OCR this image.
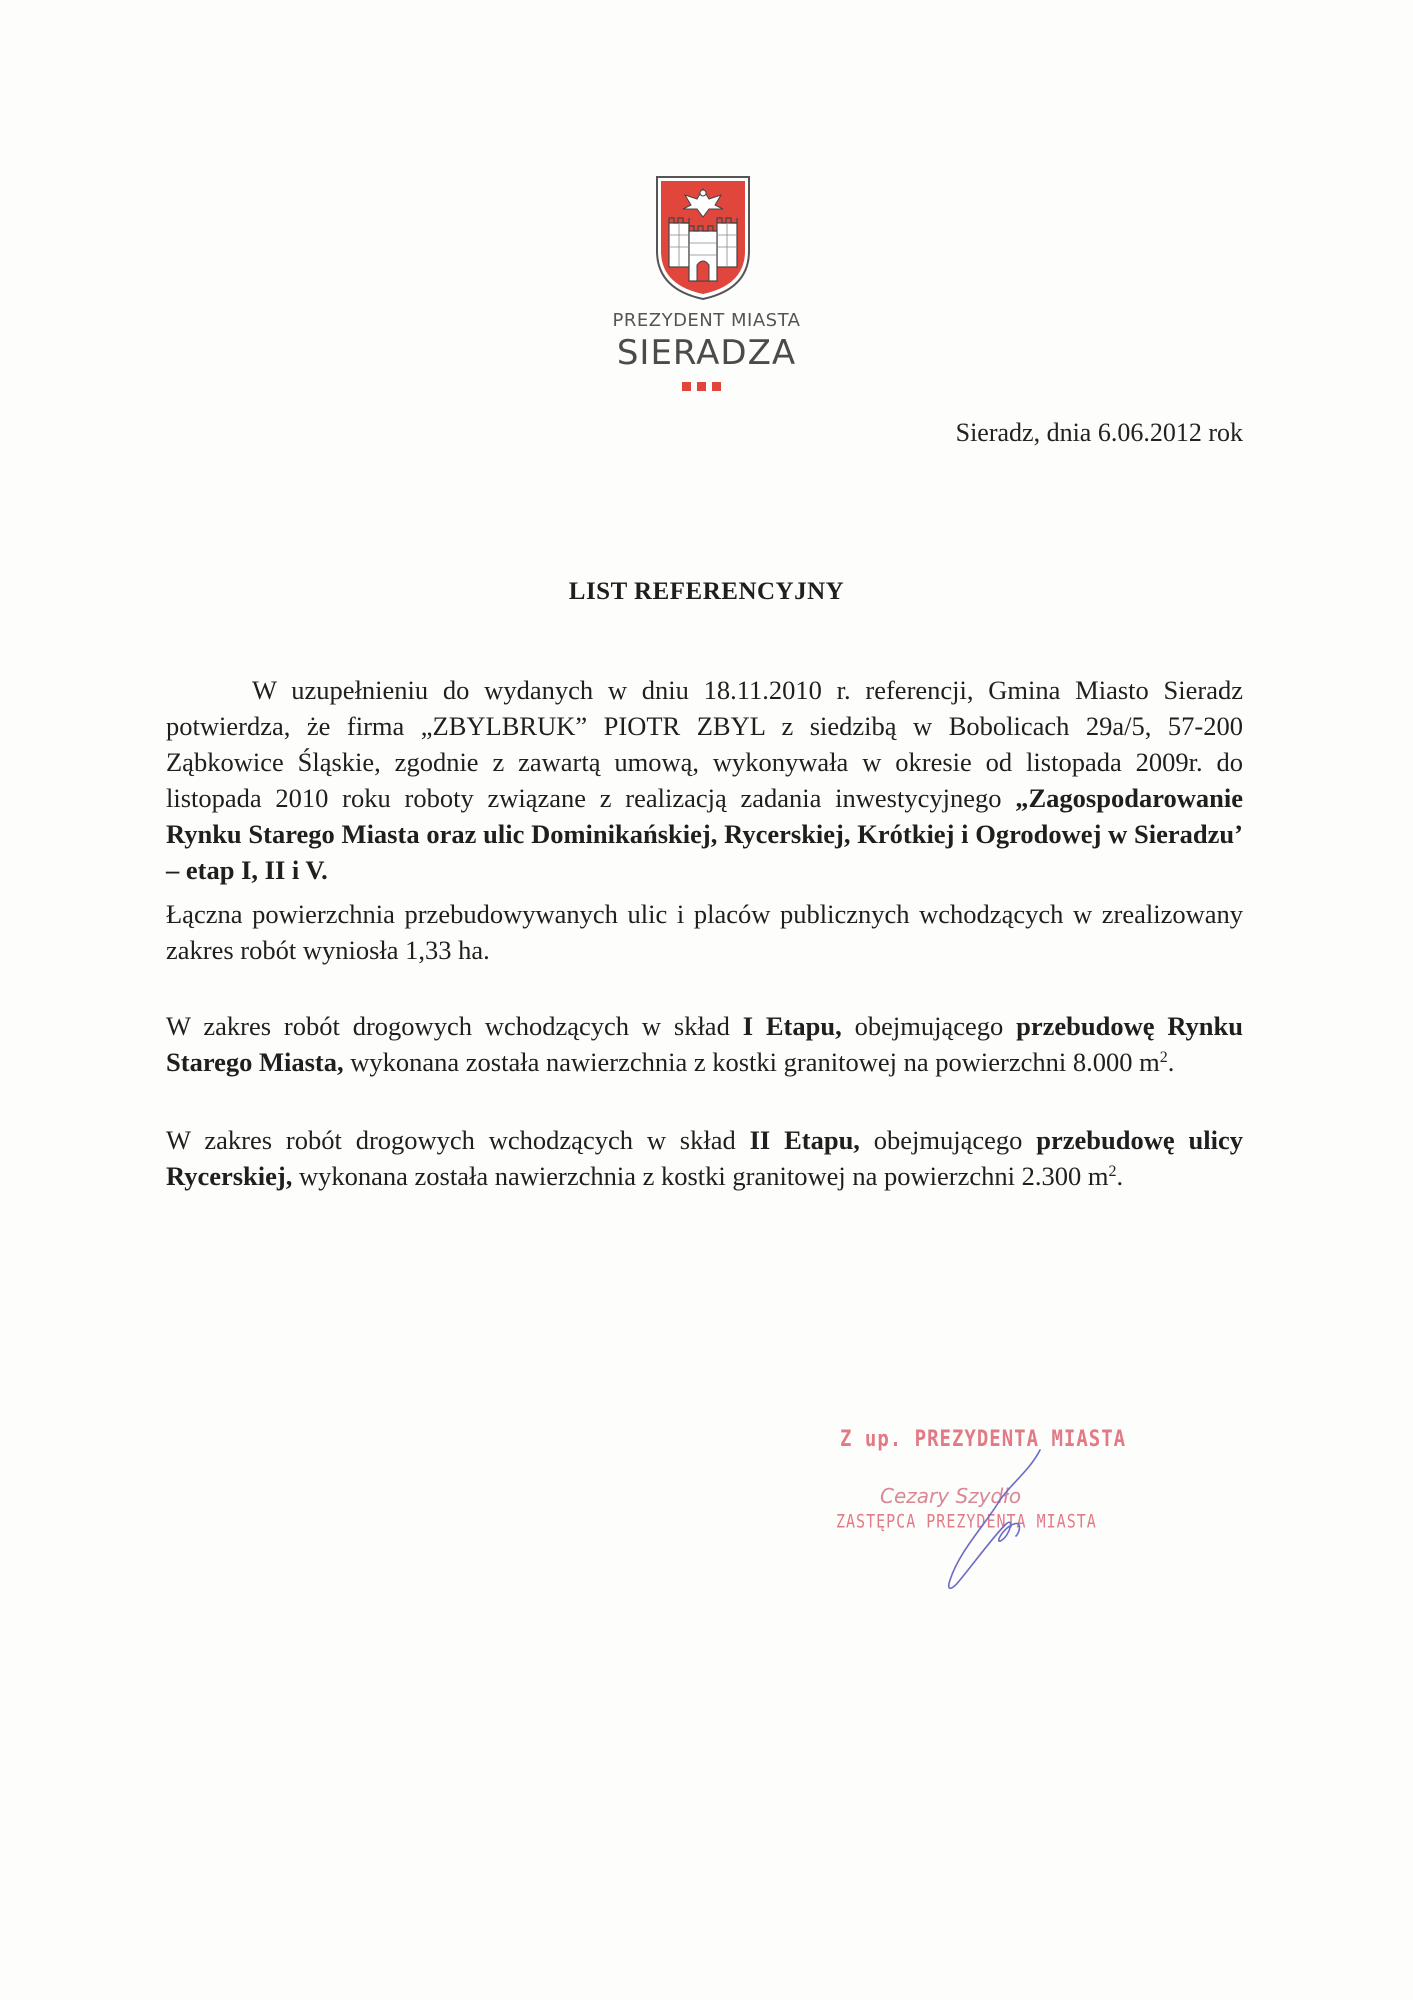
PREZYDENT MIASTA
SIERADZA
Sieradz, dnia 6.06.2012 rok
LIST REFERENCYJNY

W uzupełnieniu do wydanych w dniu 18.11.2010 r. referencji, Gmina Miasto Sieradz potwierdza, że firma „ZBYLBRUK” PIOTR ZBYL z siedzibą w Bobolicach 29a/5, 57-200 Ząbkowice Śląskie, zgodnie z zawartą umową, wykonywała w okresie od listopada 2009r. do listopada 2010 roku roboty związane z realizacją zadania inwestycyjnego „Zagospodarowanie Rynku Starego Miasta oraz ulic Dominikańskiej, Rycerskiej, Krótkiej i Ogrodowej w Sieradzu’ – etap I, II i V.

Łączna powierzchnia przebudowywanych ulic i placów publicznych wchodzących w zrealizowany zakres robót wyniosła 1,33 ha.

W zakres robót drogowych wchodzących w skład I Etapu, obejmującego przebudowę Rynku Starego Miasta, wykonana została nawierzchnia z kostki granitowej na powierzchni 8.000 $m^2$.

W zakres robót drogowych wchodzących w skład II Etapu, obejmującego przebudowę ulicy Rycerskiej, wykonana została nawierzchnia z kostki granitowej na powierzchni 2.300 $m^2$.

Z up. PREZYDENTA MIASTA
Cezary Szydło
ZASTĘPCA PREZYDENTA MIASTA
